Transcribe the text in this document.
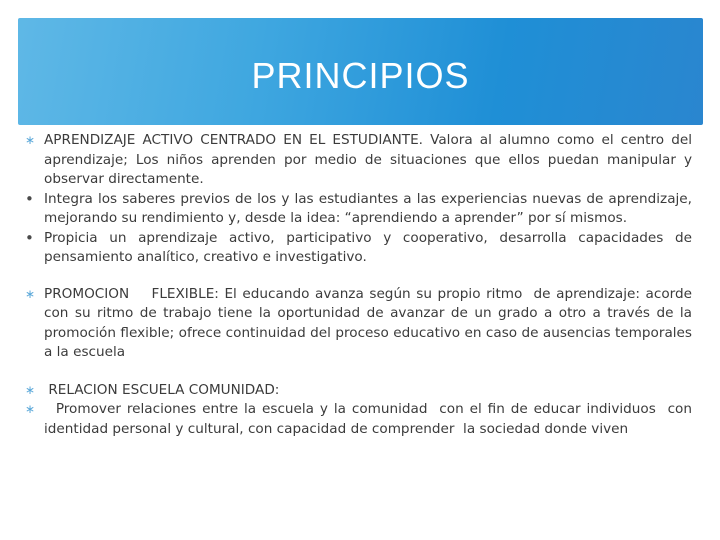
PRINCIPIOS

∗ APRENDIZAJE ACTIVO CENTRADO EN EL ESTUDIANTE. Valora al alumno como el centro del aprendizaje; Los niños aprenden por medio de situaciones que ellos puedan manipular y observar directamente.

• Integra los saberes previos de los y las estudiantes a las experiencias nuevas de aprendizaje, mejorando su rendimiento y, desde la idea: “aprendiendo a aprender” por sí mismos.

• Propicia un aprendizaje activo, participativo y cooperativo, desarrolla capacidades de pensamiento analítico, creativo e investigativo.

∗ PROMOCION    FLEXIBLE: El educando avanza según su propio ritmo  de aprendizaje: acorde con su ritmo de trabajo tiene la oportunidad de avanzar de un grado a otro a través de la promoción flexible; ofrece continuidad del proceso educativo en caso de ausencias temporales a la escuela

∗ RELACION ESCUELA COMUNIDAD:

∗ Promover relaciones entre la escuela y la comunidad  con el fin de educar individuos  con identidad personal y cultural, con capacidad de comprender  la sociedad donde viven
